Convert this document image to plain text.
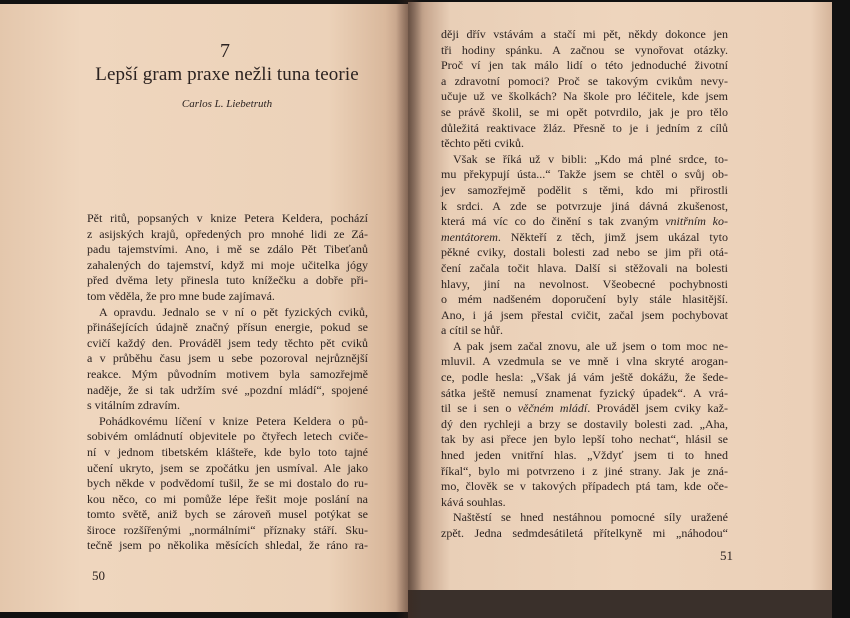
7
Lepší gram praxe nežli tuna teorie
Carlos L. Liebetruth
Pět ritů, popsaných v knize Petera Keldera, pochází
z asijských krajů, opředených pro mnohé lidi ze Zá-
padu tajemstvími. Ano, i mě se zdálo Pět Tibeťanů
zahalených do tajemství, když mi moje učitelka jógy
před dvěma lety přinesla tuto knížečku a dobře při-
tom věděla, že pro mne bude zajímavá.
A opravdu. Jednalo se v ní o pět fyzických cviků,
přinášejících údajně značný přísun energie, pokud se
cvičí každý den. Prováděl jsem tedy těchto pět cviků
a v průběhu času jsem u sebe pozoroval nejrůznější
reakce. Mým původním motivem byla samozřejmě
naděje, že si tak udržím své „pozdní mládí“, spojené
s vitálním zdravím.
Pohádkovému líčení v knize Petera Keldera o pů-
sobivém omládnutí objevitele po čtyřech letech cviče-
ní v jednom tibetském klášteře, kde bylo toto tajné
učení ukryto, jsem se zpočátku jen usmíval. Ale jako
bych někde v podvědomí tušil, že se mi dostalo do ru-
kou něco, co mi pomůže lépe řešit moje poslání na
tomto světě, aniž bych se zároveň musel potýkat se
široce rozšířenými „normálními“ příznaky stáří. Sku-
tečně jsem po několika měsících shledal, že ráno ra-
50
ději dřív vstávám a stačí mi pět, někdy dokonce jen
tři hodiny spánku. A začnou se vynořovat otázky.
Proč ví jen tak málo lidí o této jednoduché životní
a zdravotní pomoci? Proč se takovým cvikům nevy-
učuje už ve školkách? Na škole pro léčitele, kde jsem
se právě školil, se mi opět potvrdilo, jak je pro tělo
důležitá reaktivace žláz. Přesně to je i jedním z cílů
těchto pěti cviků.
Však se říká už v bibli: „Kdo má plné srdce, to-
mu překypují ústa...“ Takže jsem se chtěl o svůj ob-
jev samozřejmě podělit s těmi, kdo mi přirostli
k srdci. A zde se potvrzuje jiná dávná zkušenost,
která má víc co do činění s tak zvaným vnitřním ko-
mentátorem. Někteří z těch, jimž jsem ukázal tyto
pěkné cviky, dostali bolesti zad nebo se jim při otá-
čení začala točit hlava. Další si stěžovali na bolesti
hlavy, jiní na nevolnost. Všeobecné pochybnosti
o mém nadšeném doporučení byly stále hlasitější.
Ano, i já jsem přestal cvičit, začal jsem pochybovat
a cítil se hůř.
A pak jsem začal znovu, ale už jsem o tom moc ne-
mluvil. A vzedmula se ve mně i vlna skryté arogan-
ce, podle hesla: „Však já vám ještě dokážu, že šede-
sátka ještě nemusí znamenat fyzický úpadek“. A vrá-
til se i sen o věčném mládí. Prováděl jsem cviky kaž-
dý den rychleji a brzy se dostavily bolesti zad. „Aha,
tak by asi přece jen bylo lepší toho nechat“, hlásil se
hned jeden vnitřní hlas. „Vždyť jsem ti to hned
říkal“, bylo mi potvrzeno i z jiné strany. Jak je zná-
mo, člověk se v takových případech ptá tam, kde oče-
kává souhlas.
Naštěstí se hned nestáhnou pomocné síly uražené
zpět. Jedna sedmdesátiletá přítelkyně mi „náhodou“
51
